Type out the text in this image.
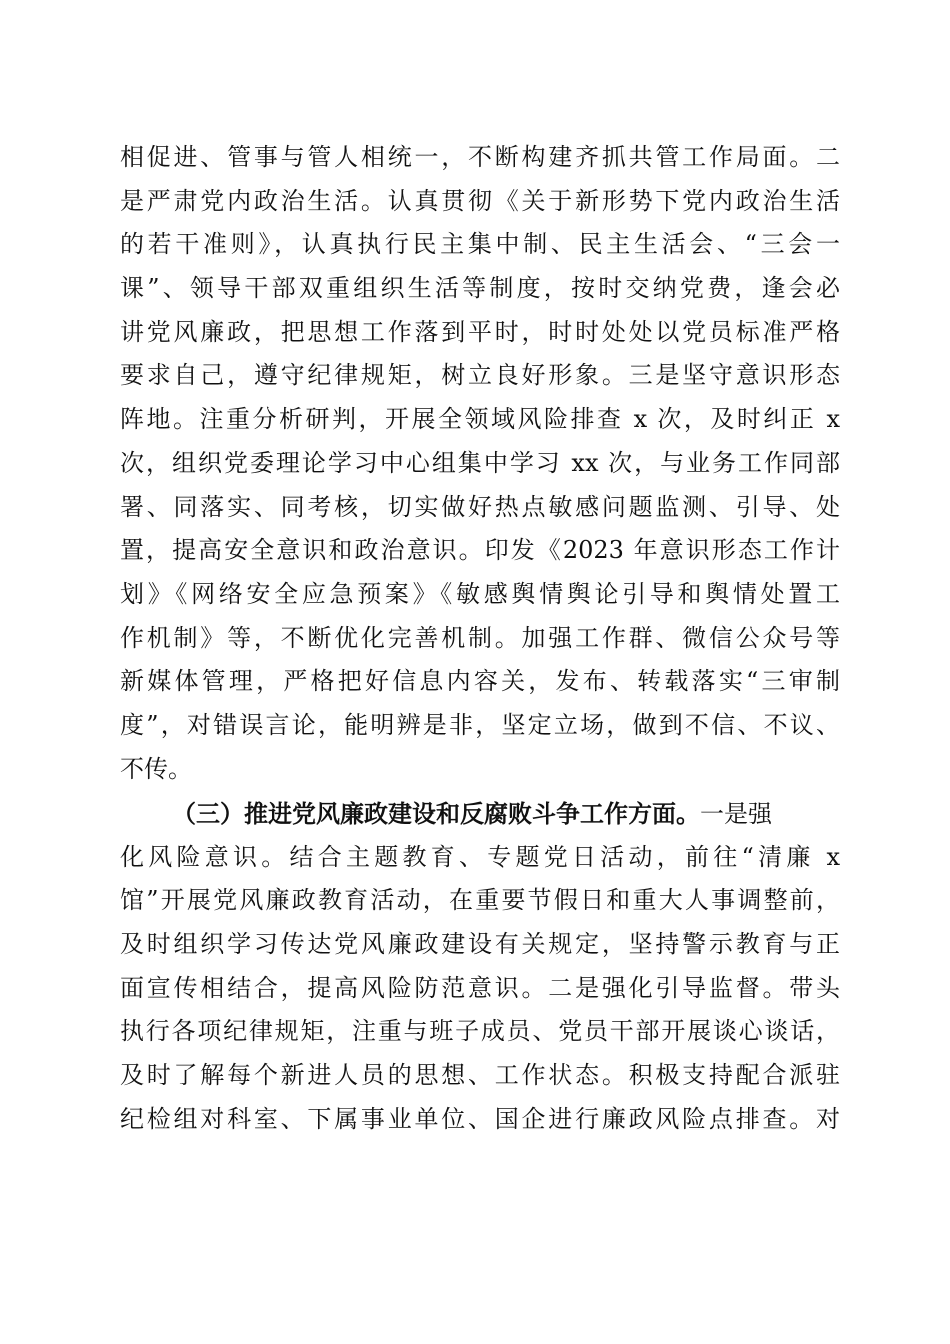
相促进、管事与管人相统一，不断构建齐抓共管工作局面。二
是严肃党内政治生活。认真贯彻《关于新形势下党内政治生活
的若干准则》，认真执行民主集中制、民主生活会、“三会一
课”、领导干部双重组织生活等制度，按时交纳党费，逢会必
讲党风廉政，把思想工作落到平时，时时处处以党员标准严格
要求自己，遵守纪律规矩，树立良好形象。三是坚守意识形态
阵地。注重分析研判，开展全领域风险排查 x 次，及时纠正 x
次，组织党委理论学习中心组集中学习 xx 次，与业务工作同部
署、同落实、同考核，切实做好热点敏感问题监测、引导、处
置，提高安全意识和政治意识。印发《2023 年意识形态工作计
划》《网络安全应急预案》《敏感舆情舆论引导和舆情处置工
作机制》等，不断优化完善机制。加强工作群、微信公众号等
新媒体管理，严格把好信息内容关，发布、转载落实“三审制
度”，对错误言论，能明辨是非，坚定立场，做到不信、不议、
不传。
（三）推进党风廉政建设和反腐败斗争工作方面。一是强
化风险意识。结合主题教育、专题党日活动，前往“清廉 x
馆”开展党风廉政教育活动，在重要节假日和重大人事调整前，
及时组织学习传达党风廉政建设有关规定，坚持警示教育与正
面宣传相结合，提高风险防范意识。二是强化引导监督。带头
执行各项纪律规矩，注重与班子成员、党员干部开展谈心谈话，
及时了解每个新进人员的思想、工作状态。积极支持配合派驻
纪检组对科室、下属事业单位、国企进行廉政风险点排查。对
